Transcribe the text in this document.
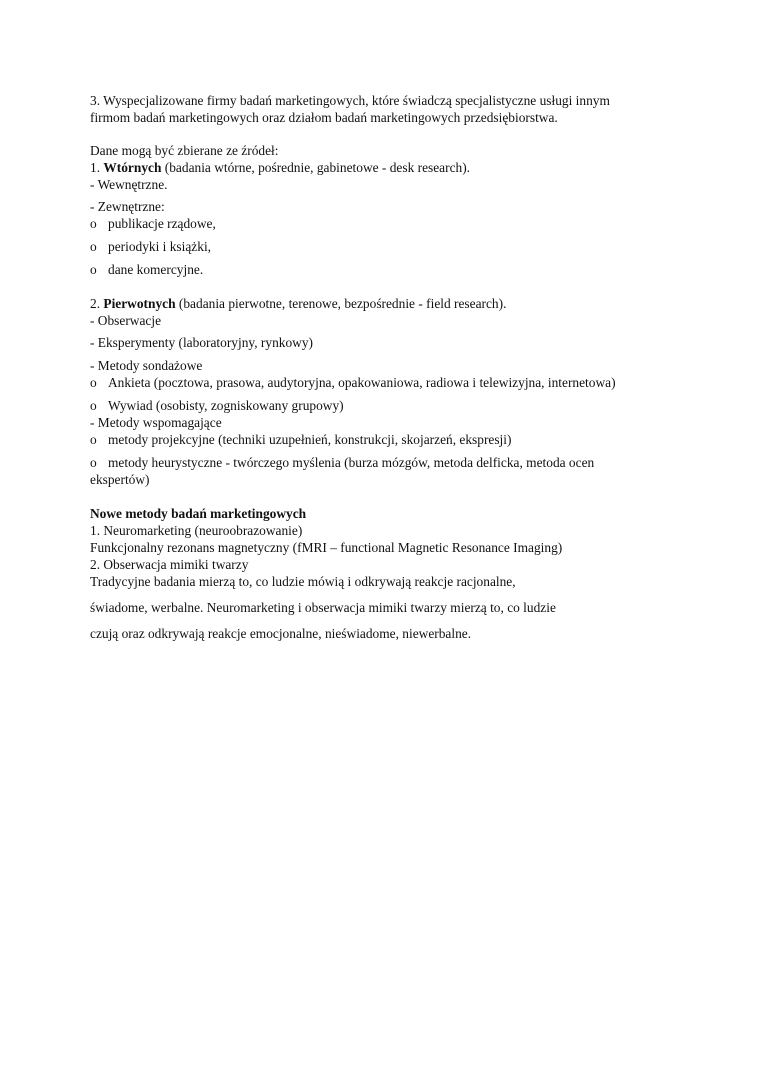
3. Wyspecjalizowane firmy badań marketingowych, które świadczą specjalistyczne usługi innym
firmom badań marketingowych oraz działom badań marketingowych przedsiębiorstwa.
Dane mogą być zbierane ze źródeł:
1. Wtórnych (badania wtórne, pośrednie, gabinetowe - desk research).
- Wewnętrzne.
- Zewnętrzne:
o publikacje rządowe,
o periodyki i książki,
o dane komercyjne.
2. Pierwotnych (badania pierwotne, terenowe, bezpośrednie - field research).
- Obserwacje
- Eksperymenty (laboratoryjny, rynkowy)
- Metody sondażowe
o Ankieta (pocztowa, prasowa, audytoryjna, opakowaniowa, radiowa i telewizyjna, internetowa)
o Wywiad (osobisty, zogniskowany grupowy)
- Metody wspomagające
o metody projekcyjne (techniki uzupełnień, konstrukcji, skojarzeń, ekspresji)
o metody heurystyczne - twórczego myślenia (burza mózgów, metoda delficka, metoda ocen
ekspertów)
Nowe metody badań marketingowych
1. Neuromarketing (neuroobrazowanie)
Funkcjonalny rezonans magnetyczny (fMRI – functional Magnetic Resonance Imaging)
2. Obserwacja mimiki twarzy
Tradycyjne badania mierzą to, co ludzie mówią i odkrywają reakcje racjonalne,
świadome, werbalne. Neuromarketing i obserwacja mimiki twarzy mierzą to, co ludzie
czują oraz odkrywają reakcje emocjonalne, nieświadome, niewerbalne.
